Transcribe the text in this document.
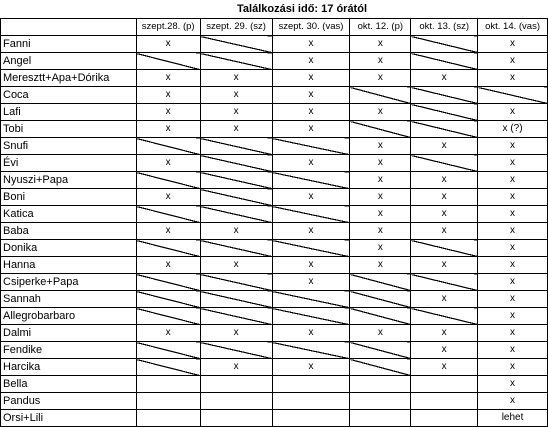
Találkozási idő: 17 órától
	szept.28. (p)	szept. 29. (sz)	szept. 30. (vas)	okt. 12. (p)	okt. 13. (sz)	okt. 14. (vas)
Fanni	x		x	x		x
Angel			x	x		x
Meresztt+Apa+Dórika	x	x	x	x	x	x
Coca	x	x	x			
Lafi	x	x	x	x		x
Tobi	x	x	x			x (?)
Snufi				x	x	x
Évi	x		x	x		x
Nyuszi+Papa				x	x	x
Boni	x		x	x	x	x
Katica				x	x	x
Baba	x	x	x	x	x	x
Donika				x		x
Hanna	x	x	x	x	x	x
Csiperke+Papa			x			x
Sannah					x	x
Allegrobarbaro						x
Dalmi	x	x	x	x	x	x
Fendike					x	x
Harcika		x	x		x	x
Bella						x
Pandus						x
Orsi+Lili						lehet
